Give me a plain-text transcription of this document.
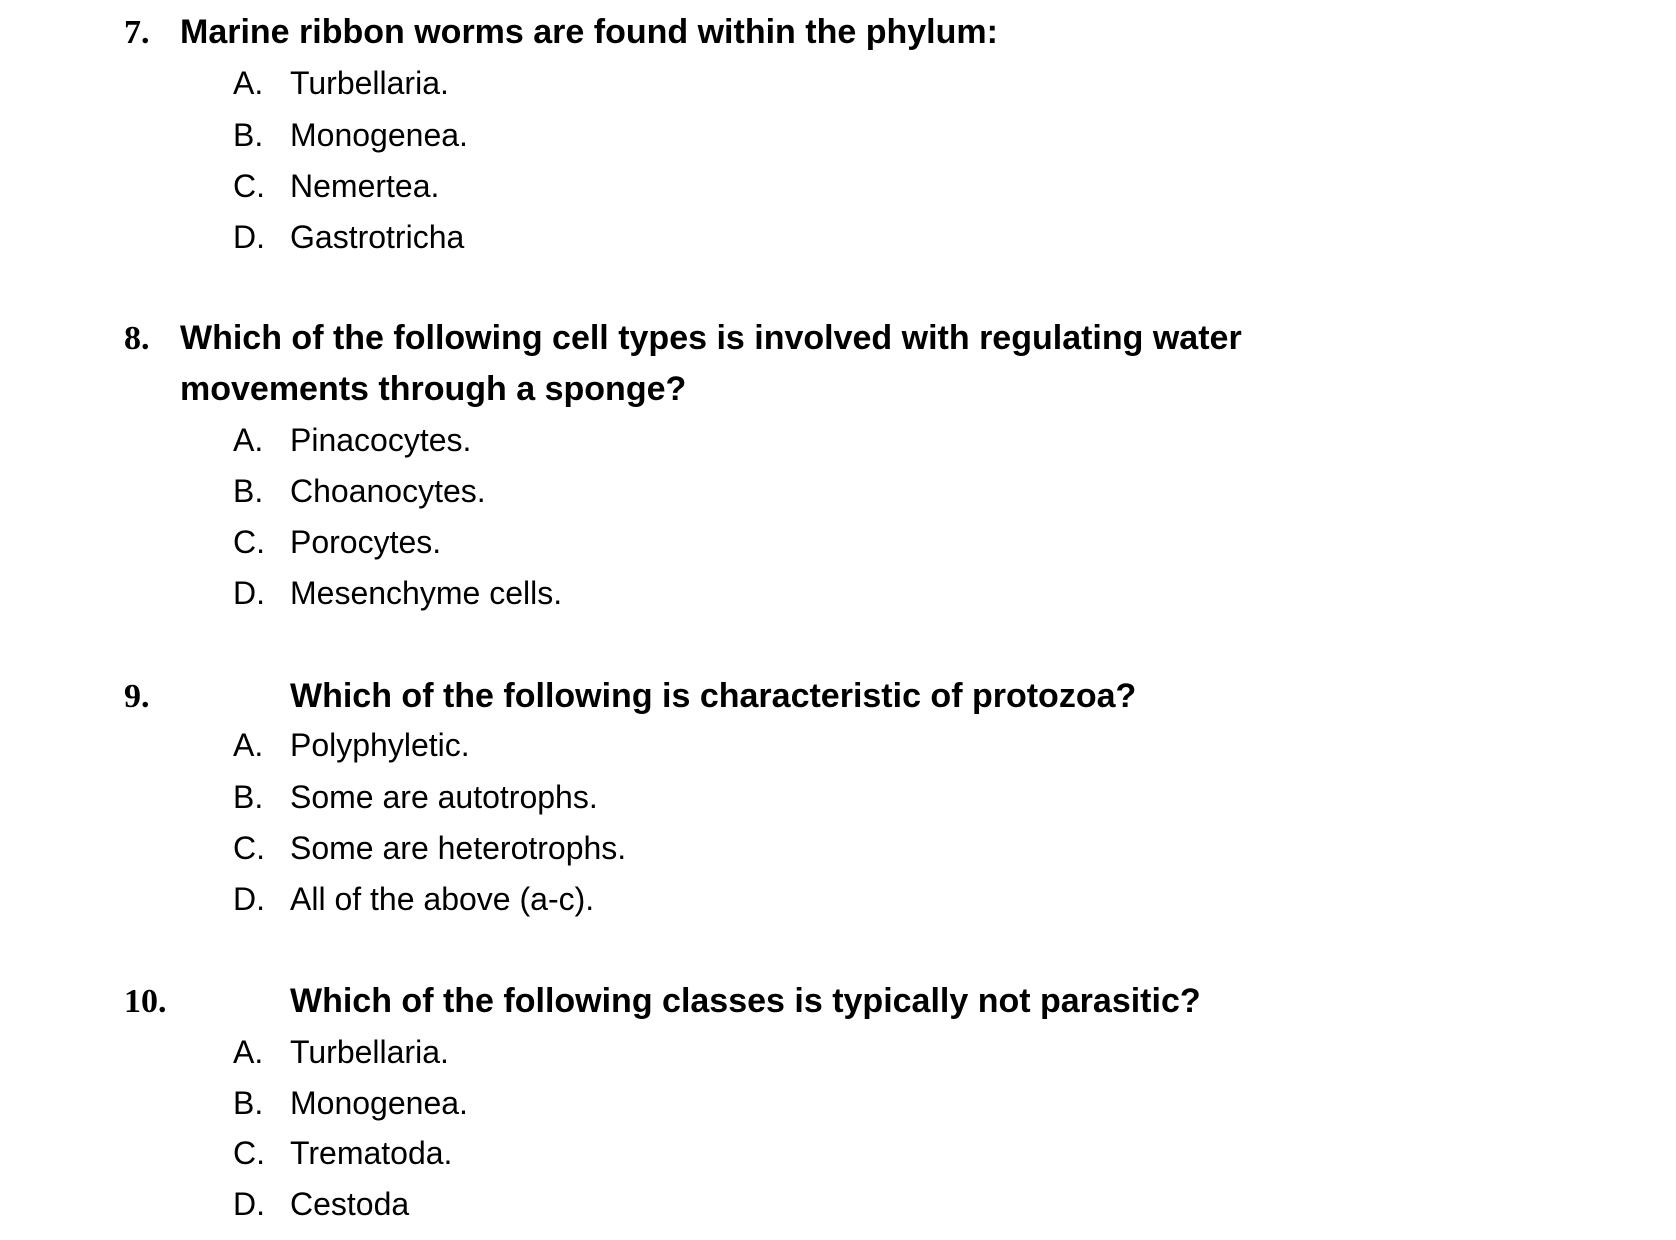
7. Marine ribbon worms are found within the phylum:
A. Turbellaria.
B. Monogenea.
C. Nemertea.
D. Gastrotricha
8. Which of the following cell types is involved with regulating water
movements through a sponge?
A. Pinacocytes.
B. Choanocytes.
C. Porocytes.
D. Mesenchyme cells.
9.	Which of the following is characteristic of protozoa?
A. Polyphyletic.
B. Some are autotrophs.
C. Some are heterotrophs.
D. All of the above (a-c).
10.	Which of the following classes is typically not parasitic?
A. Turbellaria.
B. Monogenea.
C. Trematoda.
D. Cestoda
